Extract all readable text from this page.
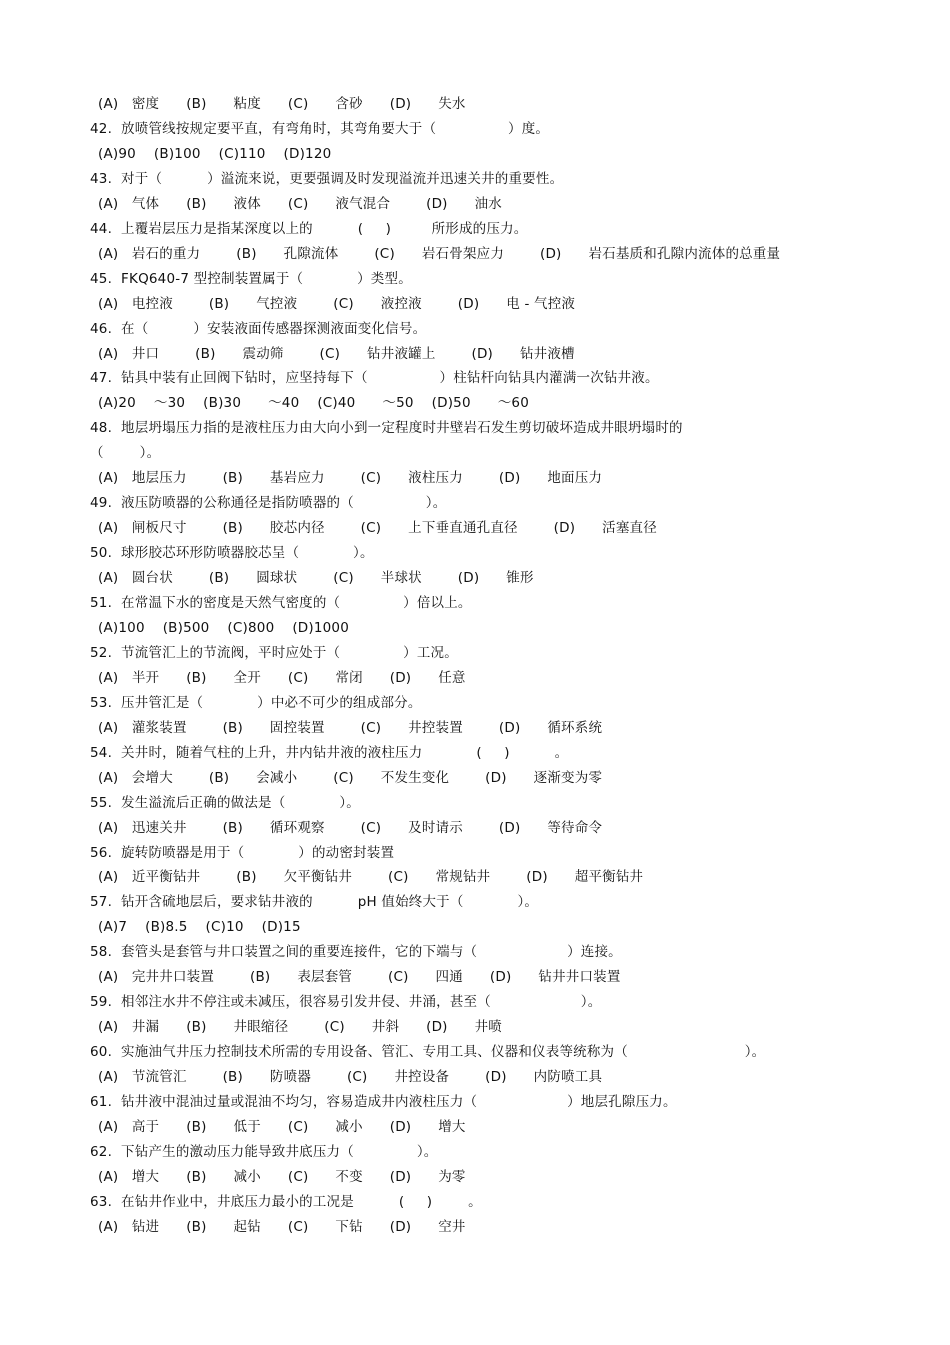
(A)   密度      (B)      粘度      (C)      含砂      (D)      失水
42.  放喷管线按规定要平直，有弯角时，其弯角要大于（                ）度。
(A)90    (B)100    (C)110    (D)120
43.  对于（          ）溢流来说，更要强调及时发现溢流并迅速关井的重要性。
(A)   气体      (B)      液体      (C)      液气混合        (D)      油水
44.  上覆岩层压力是指某深度以上的          (     )         所形成的压力。
(A)   岩石的重力        (B)      孔隙流体        (C)      岩石骨架应力        (D)      岩石基质和孔隙内流体的总重量
45.  FKQ640-7 型控制装置属于（            ）类型。
(A)   电控液        (B)      气控液        (C)      液控液        (D)      电 - 气控液
46.  在（          ）安装液面传感器探测液面变化信号。
(A)   井口        (B)      震动筛        (C)      钻井液罐上        (D)      钻井液槽
47.  钻具中装有止回阀下钻时，应坚持每下（                ）柱钻杆向钻具内灌满一次钻井液。
(A)20    ～30    (B)30      ～40    (C)40      ～50    (D)50      ～60
48.  地层坍塌压力指的是液柱压力由大向小到一定程度时井壁岩石发生剪切破坏造成井眼坍塌时的
（        ）。
(A)   地层压力        (B)      基岩应力        (C)      液柱压力        (D)      地面压力
49.  液压防喷器的公称通径是指防喷器的（                ）。
(A)   闸板尺寸        (B)      胶芯内径        (C)      上下垂直通孔直径        (D)      活塞直径
50.  球形胶芯环形防喷器胶芯呈（            ）。
(A)   圆台状        (B)      圆球状        (C)      半球状        (D)      锥形
51.  在常温下水的密度是天然气密度的（              ）倍以上。
(A)100    (B)500    (C)800    (D)1000
52.  节流管汇上的节流阀，平时应处于（              ）工况。
(A)   半开      (B)      全开      (C)      常闭      (D)      任意
53.  压井管汇是（            ）中必不可少的组成部分。
(A)   灌浆装置        (B)      固控装置        (C)      井控装置        (D)      循环系统
54.  关井时，随着气柱的上升，井内钻井液的液柱压力            (     )          。
(A)   会增大        (B)      会减小        (C)      不发生变化        (D)      逐渐变为零
55.  发生溢流后正确的做法是（            ）。
(A)   迅速关井        (B)      循环观察        (C)      及时请示        (D)      等待命令
56.  旋转防喷器是用于（            ）的动密封装置
(A)   近平衡钻井        (B)      欠平衡钻井        (C)      常规钻井        (D)      超平衡钻井
57.  钻开含硫地层后，要求钻井液的          pH 值始终大于（            ）。
(A)7    (B)8.5    (C)10    (D)15
58.  套管头是套管与井口装置之间的重要连接件，它的下端与（                    ）连接。
(A)   完井井口装置        (B)      表层套管        (C)      四通      (D)      钻井井口装置
59.  相邻注水井不停注或未减压，很容易引发井侵、井涌，甚至（                    ）。
(A)   井漏      (B)      井眼缩径        (C)      井斜      (D)      井喷
60.  实施油气井压力控制技术所需的专用设备、管汇、专用工具、仪器和仪表等统称为（                          ）。
(A)   节流管汇        (B)      防喷器        (C)      井控设备        (D)      内防喷工具
61.  钻井液中混油过量或混油不均匀，容易造成井内液柱压力（                    ）地层孔隙压力。
(A)   高于      (B)      低于      (C)      减小      (D)      增大
62.  下钻产生的激动压力能导致井底压力（              ）。
(A)   增大      (B)      减小      (C)      不变      (D)      为零
63.  在钻井作业中，井底压力最小的工况是          (     )        。
(A)   钻进      (B)      起钻      (C)      下钻      (D)      空井
